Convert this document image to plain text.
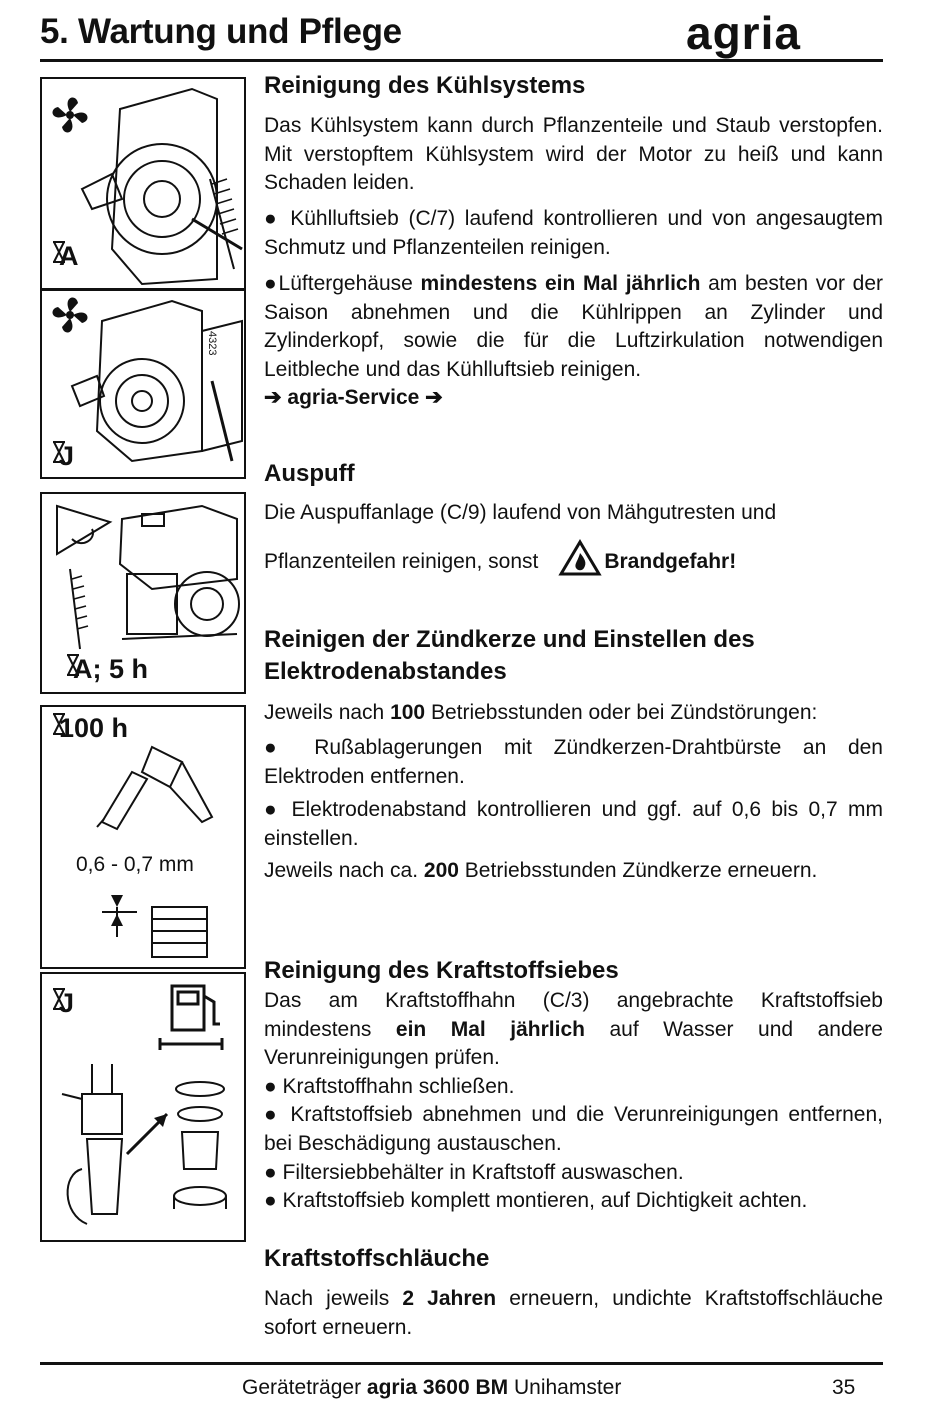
5. Wartung und Pflege	agria
A
4323
J
A; 5 h
100 h
0,6 - 0,7 mm
J
Reinigung des Kühlsystems
Das Kühlsystem kann durch Pflanzenteile und Staub verstopfen. Mit verstopftem Kühlsystem wird der Motor zu heiß und kann Schaden leiden.
● Kühlluftsieb (C/7) laufend kontrollieren und von angesaugtem Schmutz und Pflanzenteilen reinigen.
●Lüftergehäuse mindestens ein Mal jährlich am besten vor der Saison abnehmen und die Kühlrippen an Zylinder und Zylinderkopf, sowie die für die Luftzirkulation notwendigen Leitbleche und das Kühlluftsieb reinigen.
➔ agria-Service ➔
Auspuff
Die Auspuffanlage (C/9) laufend von Mähgutresten und
Pflanzenteilen reinigen, sonst	Brandgefahr!
Reinigen der Zündkerze und Einstellen des Elektrodenabstandes
Jeweils nach 100 Betriebsstunden oder bei Zündstörungen:
● Rußablagerungen mit Zündkerzen-Drahtbürste an den Elektroden entfernen.
● Elektrodenabstand kontrollieren und ggf. auf 0,6 bis 0,7 mm einstellen.
Jeweils nach ca. 200 Betriebsstunden Zündkerze erneuern.
Reinigung des Kraftstoffsiebes
Das am Kraftstoffhahn (C/3) angebrachte Kraftstoffsieb mindestens ein Mal jährlich auf Wasser und andere Verunreinigungen prüfen.
● Kraftstoffhahn schließen.
● Kraftstoffsieb abnehmen und die Verunreinigungen entfernen, bei Beschädigung austauschen.
● Filtersiebbehälter in Kraftstoff auswaschen.
● Kraftstoffsieb komplett montieren, auf Dichtigkeit achten.
Kraftstoffschläuche
Nach jeweils 2 Jahren erneuern, undichte Kraftstoffschläuche sofort erneuern.
Geräteträger agria 3600 BM Unihamster	35
